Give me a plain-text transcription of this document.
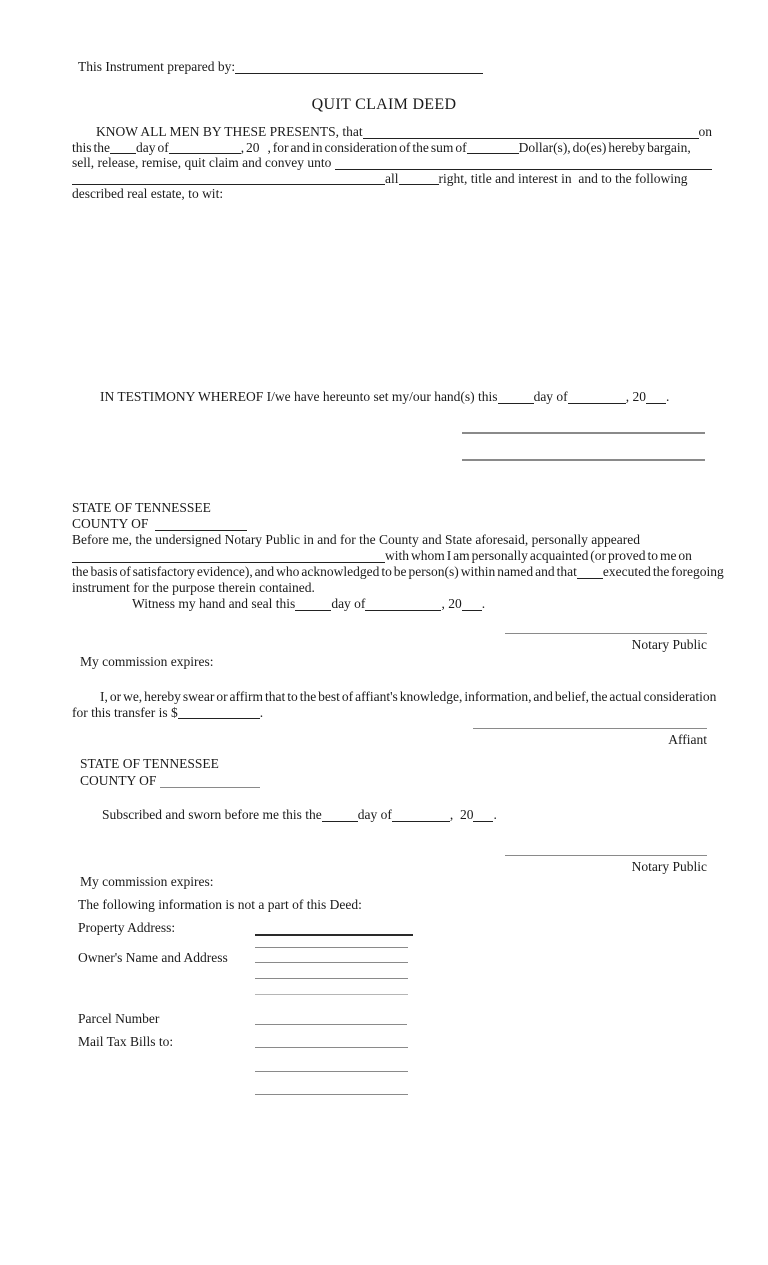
This Instrument prepared by:
QUIT CLAIM DEED
KNOW ALL MEN BY THESE PRESENTS, that	on
this the day of	, 20    , for and in consideration of the sum of	Dollar(s), do(es) hereby bargain,
sell, release, remise, quit claim and convey unto
all	right, title and interest in  and to the following
described real estate, to wit:
IN TESTIMONY WHEREOF I/we have hereunto set my/our hand(s) this	day of	, 20 .
STATE OF TENNESSEE
COUNTY OF
Before me, the undersigned Notary Public in and for the County and State aforesaid, personally appeared
with whom I am personally acquainted (or proved to me on
the basis of satisfactory evidence), and who acknowledged to be person(s) within named and that executed the foregoing
instrument for the purpose therein contained.
Witness my hand and seal this	day of	, 20 .
Notary Public
My commission expires:
I, or we, hereby swear or affirm that to the best of affiant's knowledge, information, and belief, the actual consideration
for this transfer is $	.
Affiant
STATE OF TENNESSEE
COUNTY OF
Subscribed and sworn before me this the	day of	,  20 .
Notary Public
My commission expires:
The following information is not a part of this Deed:
Property Address:
Owner's Name and Address
Parcel Number
Mail Tax Bills to:
